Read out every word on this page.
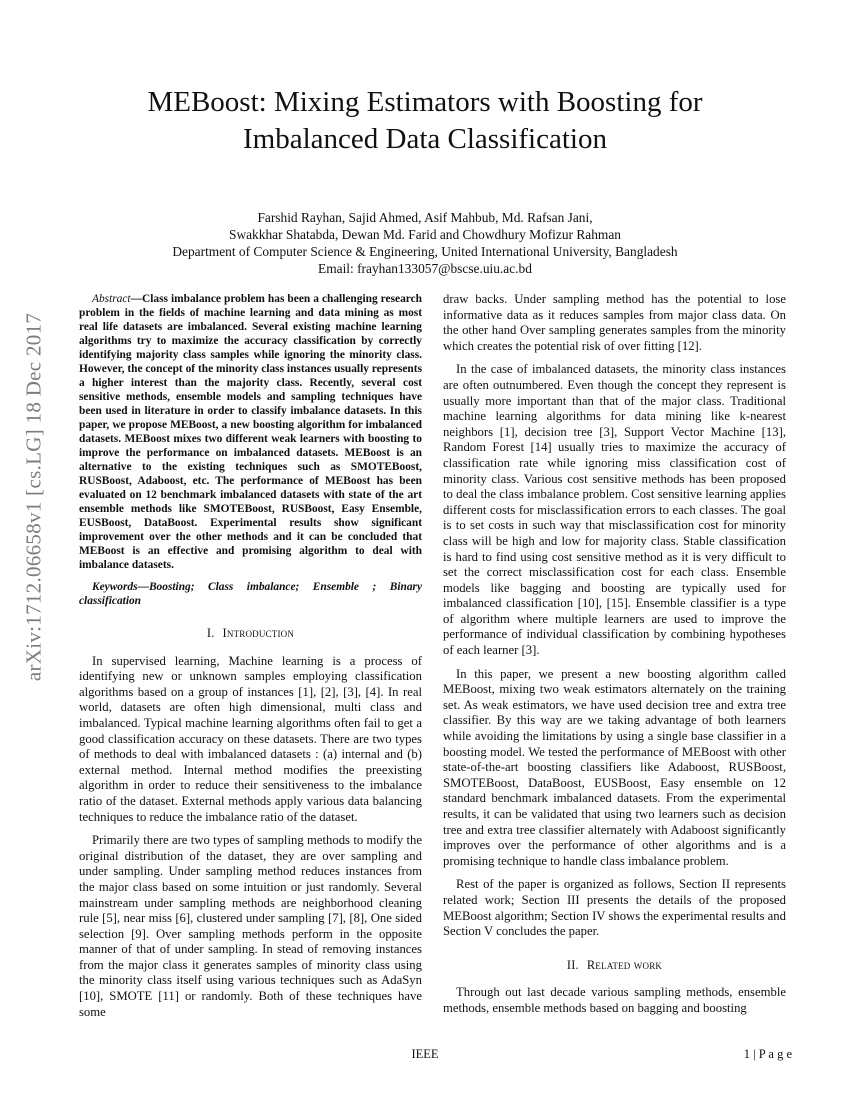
MEBoost: Mixing Estimators with Boosting for
Imbalanced Data Classification
Farshid Rayhan, Sajid Ahmed, Asif Mahbub, Md. Rafsan Jani,
Swakkhar Shatabda, Dewan Md. Farid and Chowdhury Mofizur Rahman
Department of Computer Science & Engineering, United International University, Bangladesh
Email: frayhan133057@bscse.uiu.ac.bd
arXiv:1712.06658v1 [cs.LG] 18 Dec 2017

Abstract—Class imbalance problem has been a challenging research problem in the fields of machine learning and data mining as most real life datasets are imbalanced. Several existing machine learning algorithms try to maximize the accuracy classification by correctly identifying majority class samples while ignoring the minority class. However, the concept of the minority class instances usually represents a higher interest than the majority class. Recently, several cost sensitive methods, ensemble models and sampling techniques have been used in literature in order to classify imbalance datasets. In this paper, we propose MEBoost, a new boosting algorithm for imbalanced datasets. MEBoost mixes two different weak learners with boosting to improve the performance on imbalanced datasets. MEBoost is an alternative to the existing techniques such as SMOTEBoost, RUSBoost, Adaboost, etc. The performance of MEBoost has been evaluated on 12 benchmark imbalanced datasets with state of the art ensemble methods like SMOTEBoost, RUSBoost, Easy Ensemble, EUSBoost, DataBoost. Experimental results show significant improvement over the other methods and it can be concluded that MEBoost is an effective and promising algorithm to deal with imbalance datasets.

Keywords—Boosting; Class imbalance; Ensemble ; Binary classification

I. Introduction

In supervised learning, Machine learning is a process of identifying new or unknown samples employing classification algorithms based on a group of instances [1], [2], [3], [4]. In real world, datasets are often high dimensional, multi class and imbalanced. Typical machine learning algorithms often fail to get a good classification accuracy on these datasets. There are two types of methods to deal with imbalanced datasets : (a) internal and (b) external method. Internal method modifies the preexisting algorithm in order to reduce their sensitiveness to the imbalance ratio of the dataset. External methods apply various data balancing techniques to reduce the imbalance ratio of the dataset.

Primarily there are two types of sampling methods to modify the original distribution of the dataset, they are over sampling and under sampling. Under sampling method reduces instances from the major class based on some intuition or just randomly. Several mainstream under sampling methods are neighborhood cleaning rule [5], near miss [6], clustered under sampling [7], [8], One sided selection [9]. Over sampling methods perform in the opposite manner of that of under sampling. In stead of removing instances from the major class it generates samples of minority class using the minority class itself using various techniques such as AdaSyn [10], SMOTE [11] or randomly. Both of these techniques have some

draw backs. Under sampling method has the potential to lose informative data as it reduces samples from major class data. On the other hand Over sampling generates samples from the minority which creates the potential risk of over fitting [12].

In the case of imbalanced datasets, the minority class instances are often outnumbered. Even though the concept they represent is usually more important than that of the major class. Traditional machine learning algorithms for data mining like k-nearest neighbors [1], decision tree [3], Support Vector Machine [13], Random Forest [14] usually tries to maximize the accuracy of classification rate while ignoring miss classification cost of minority class. Various cost sensitive methods has been proposed to deal the class imbalance problem. Cost sensitive learning applies different costs for misclassification errors to each classes. The goal is to set costs in such way that misclassification cost for minority class will be high and low for majority class. Stable classification is hard to find using cost sensitive method as it is very difficult to set the correct misclassification cost for each class. Ensemble models like bagging and boosting are typically used for imbalanced classification [10], [15]. Ensemble classifier is a type of algorithm where multiple learners are used to improve the performance of individual classification by combining hypotheses of each learner [3].

In this paper, we present a new boosting algorithm called MEBoost, mixing two weak estimators alternately on the training set. As weak estimators, we have used decision tree and extra tree classifier. By this way are we taking advantage of both learners while avoiding the limitations by using a single base classifier in a boosting model. We tested the performance of MEBoost with other state-of-the-art boosting classifiers like Adaboost, RUSBoost, SMOTEBoost, DataBoost, EUSBoost, Easy ensemble on 12 standard benchmark imbalanced datasets. From the experimental results, it can be validated that using two learners such as decision tree and extra tree classifier alternately with Adaboost significantly improves over the performance of other algorithms and is a promising technique to handle class imbalance problem.

Rest of the paper is organized as follows, Section II represents related work; Section III presents the details of the proposed MEBoost algorithm; Section IV shows the experimental results and Section V concludes the paper.

II. Related work

Through out last decade various sampling methods, ensemble methods, ensemble methods based on bagging and boosting

IEEE	1 | P a g e
